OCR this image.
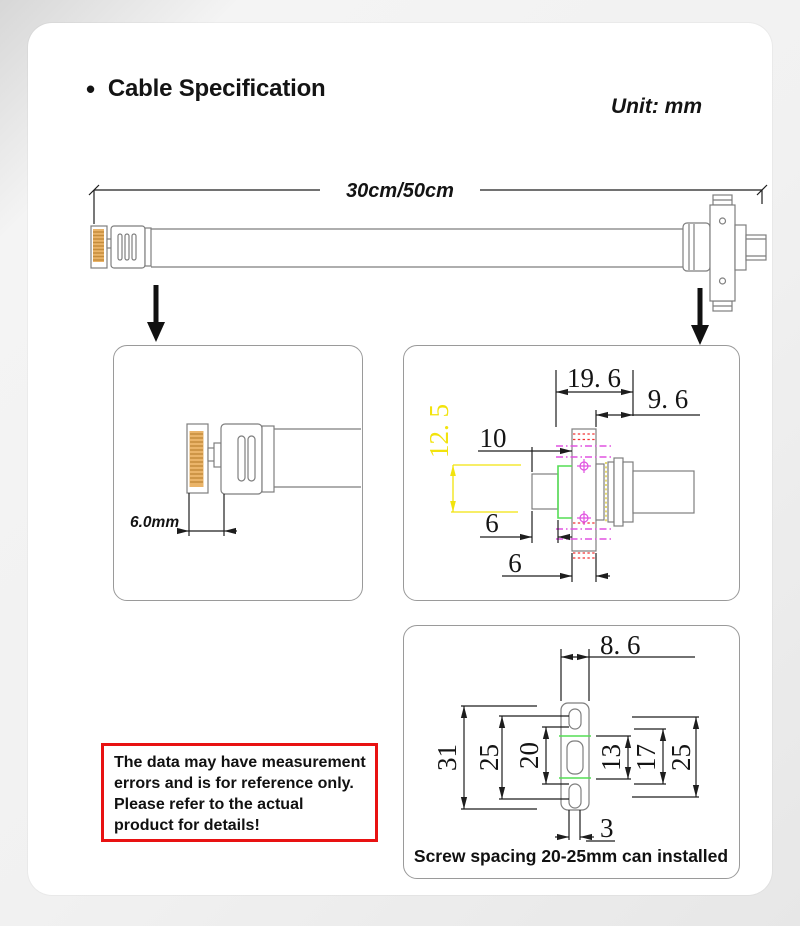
• Cable Specification
Unit: mm
30cm/50cm
6.0mm
19. 6
9. 6
12. 5 10
6
6
8. 6
31 25 20 13 17 25
3
Screw spacing 20-25mm can installed
The data may have measurement
errors and is for reference only.
Please refer to the actual
product for details!
